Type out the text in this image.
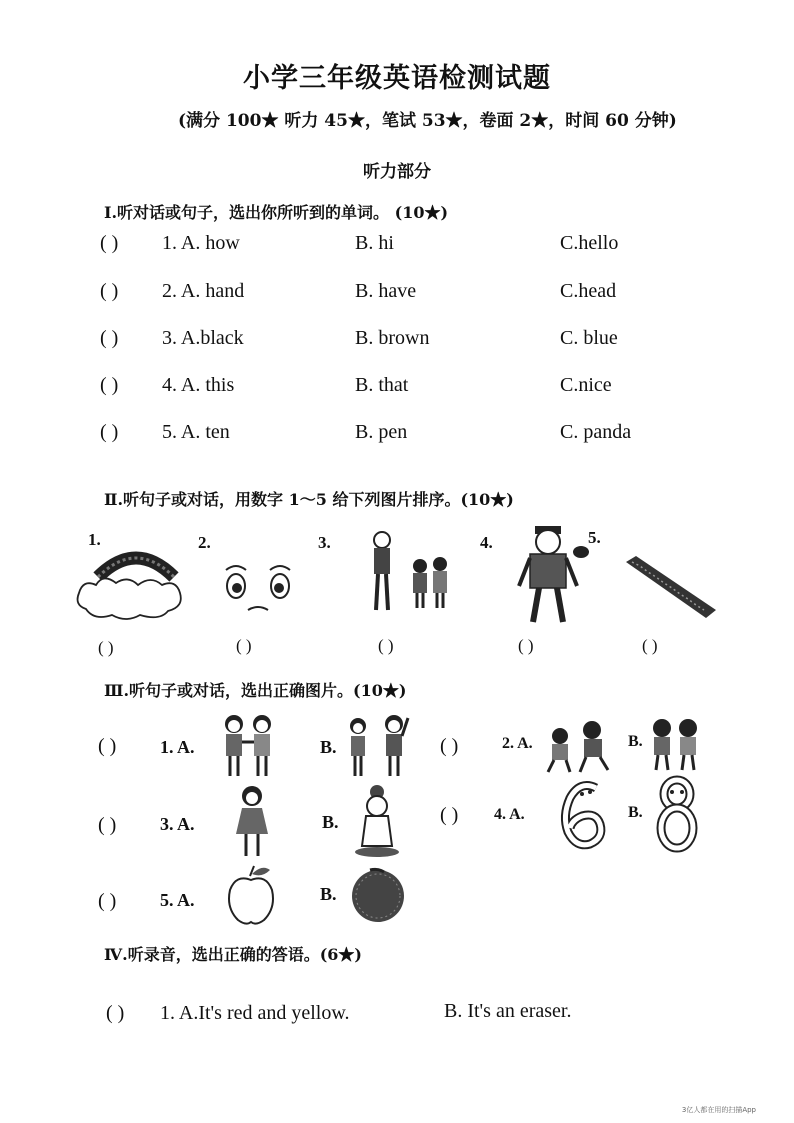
小学三年级英语检测试题
(满分 100★ 听力 45★，笔试 53★，卷面 2★，时间 60 分钟)
听力部分
Ⅰ.听对话或句子，选出你所听到的单词。 (10★)
( ) 1. A. how	B. hi	C.hello
( ) 2. A. hand	B. have	C.head
( ) 3. A.black	B. brown	C. blue
( ) 4. A. this	B. that	C.nice
( ) 5. A. ten	B. pen	C. panda
Ⅱ.听句子或对话，用数字 1～5 给下列图片排序。(10★)
1.	2.	3.	4.	5.
( )	( )	( )	( )	( )
Ⅲ.听句子或对话，选出正确图片。(10★)
( ) 1. A.	B.	( )	2. A.	B.
( ) 3. A.	B.	( ) 4. A.	B.
( ) 5. A.	B.
Ⅳ.听录音，选出正确的答语。(6★)
( ) 1. A.It's red and yellow.	B. It's an eraser.
3亿人都在用的扫描App
